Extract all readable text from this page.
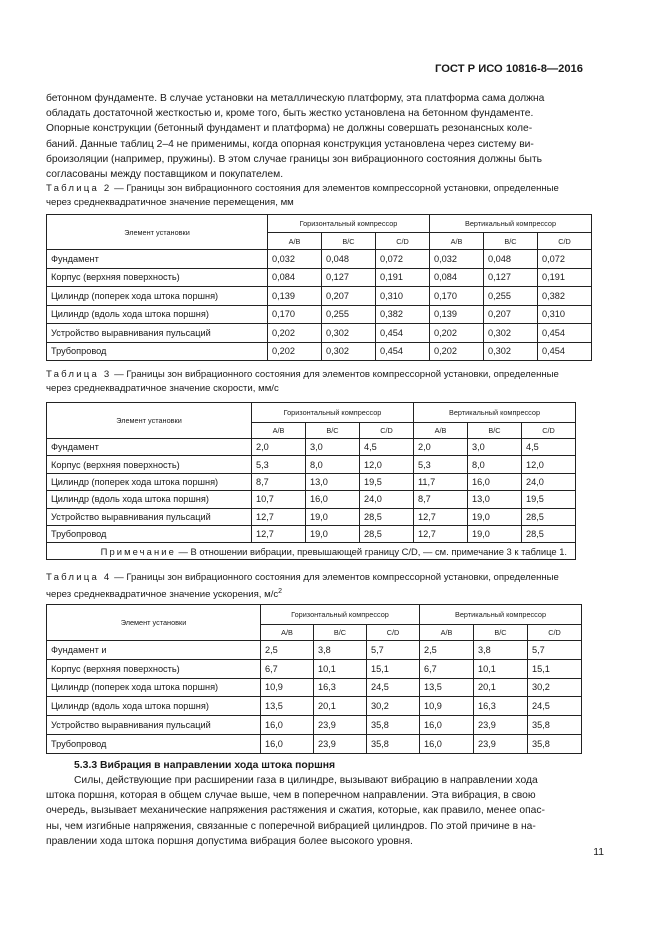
ГОСТ Р ИСО 10816-8—2016

бетонном фундаменте. В случае установки на металлическую платформу, эта платформа сама должна

обладать достаточной жесткостью и, кроме того, быть жестко установлена на бетонном фундаменте.

Опорные конструкции (бетонный фундамент и платформа) не должны совершать резонансных коле-

баний. Данные таблиц 2–4 не применимы, когда опорная конструкция установлена через систему ви-

броизоляции (например, пружины). В этом случае границы зон вибрационного состояния должны быть

согласованы между поставщиком и покупателем.

Таблица 2 — Границы зон вибрационного состояния для элементов компрессорной установки, определенные
через среднеквадратичное значение перемещения, мм
Элемент установки	Горизонтальный компрессор			Вертикальный компрессор		
	A/B	B/C	C/D	A/B	B/C	C/D
Фундамент	0,032	0,048	0,072	0,032	0,048	0,072
Корпус (верхняя поверхность)	0,084	0,127	0,191	0,084	0,127	0,191
Цилиндр (поперек хода штока поршня)	0,139	0,207	0,310	0,170	0,255	0,382
Цилиндр (вдоль хода штока поршня)	0,170	0,255	0,382	0,139	0,207	0,310
Устройство выравнивания пульсаций	0,202	0,302	0,454	0,202	0,302	0,454
Трубопровод	0,202	0,302	0,454	0,202	0,302	0,454
Таблица 3 — Границы зон вибрационного состояния для элементов компрессорной установки, определенные
через среднеквадратичное значение скорости, мм/с
Элемент установки	Горизонтальный компрессор			Вертикальный компрессор		
	A/B	B/C	C/D	A/B	B/C	C/D
Фундамент	2,0	3,0	4,5	2,0	3,0	4,5
Корпус (верхняя поверхность)	5,3	8,0	12,0	5,3	8,0	12,0
Цилиндр (поперек хода штока поршня)	8,7	13,0	19,5	11,7	16,0	24,0
Цилиндр (вдоль хода штока поршня)	10,7	16,0	24,0	8,7	13,0	19,5
Устройство выравнивания пульсаций	12,7	19,0	28,5	12,7	19,0	28,5
Трубопровод	12,7	19,0	28,5	12,7	19,0	28,5
Примечание — В отношении вибрации, превышающей границу C/D, — см. примечание 3 к таблице 1.						
Таблица 4 — Границы зон вибрационного состояния для элементов компрессорной установки, определенные
через среднеквадратичное значение ускорения, $м/с^2$
Элемент установки	Горизонтальный компрессор			Вертикальный компрессор		
	A/B	B/C	C/D	A/B	B/C	C/D
Фундамент и	2,5	3,8	5,7	2,5	3,8	5,7
Корпус (верхняя поверхность)	6,7	10,1	15,1	6,7	10,1	15,1
Цилиндр (поперек хода штока поршня)	10,9	16,3	24,5	13,5	20,1	30,2
Цилиндр (вдоль хода штока поршня)	13,5	20,1	30,2	10,9	16,3	24,5
Устройство выравнивания пульсаций	16,0	23,9	35,8	16,0	23,9	35,8
Трубопровод	16,0	23,9	35,8	16,0	23,9	35,8
5.3.3 Вибрация в направлении хода штока поршня

Силы, действующие при расширении газа в цилиндре, вызывают вибрацию в направлении хода

штока поршня, которая в общем случае выше, чем в поперечном направлении. Эта вибрация, в свою

очередь, вызывает механические напряжения растяжения и сжатия, которые, как правило, менее опас-

ны, чем изгибные напряжения, связанные с поперечной вибрацией цилиндров. По этой причине в на-

правлении хода штока поршня допустима вибрация более высокого уровня.

11
